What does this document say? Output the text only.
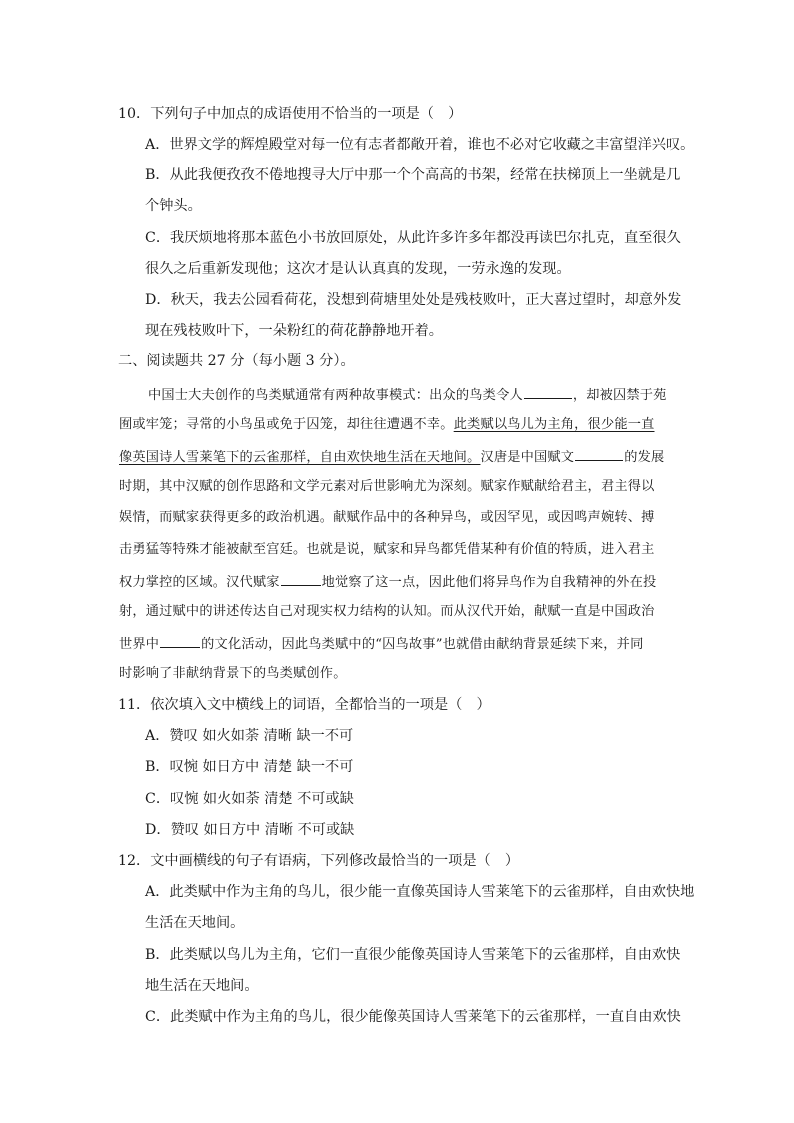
10．下列句子中加点的成语使用不恰当的一项是（　）
A．世界文学的辉煌殿堂对每一位有志者都敞开着，谁也不必对它收藏之丰富望洋兴叹。
B．从此我便孜孜不倦地搜寻大厅中那一个个高高的书架，经常在扶梯顶上一坐就是几
个钟头。
C．我厌烦地将那本蓝色小书放回原处，从此许多许多年都没再读巴尔扎克，直至很久
很久之后重新发现他；这次才是认认真真的发现，一劳永逸的发现。
D．秋天，我去公园看荷花，没想到荷塘里处处是残枝败叶，正大喜过望时，却意外发
现在残枝败叶下，一朵粉红的荷花静静地开着。
二、阅读题共 27 分（每小题 3 分）。
中国士大夫创作的鸟类赋通常有两种故事模式：出众的鸟类令人	，却被囚禁于苑
囿或牢笼；寻常的小鸟虽或免于囚笼，却往往遭遇不幸。此类赋以鸟儿为主角，很少能一直
像英国诗人雪莱笔下的云雀那样，自由欢快地生活在天地间。汉唐是中国赋文	的发展
时期，其中汉赋的创作思路和文学元素对后世影响尤为深刻。赋家作赋献给君主，君主得以
娱情，而赋家获得更多的政治机遇。献赋作品中的各种异鸟，或因罕见，或因鸣声婉转、搏
击勇猛等特殊才能被献至宫廷。也就是说，赋家和异鸟都凭借某种有价值的特质，进入君主
权力掌控的区域。汉代赋家	地觉察了这一点，因此他们将异鸟作为自我精神的外在投
射，通过赋中的讲述传达自己对现实权力结构的认知。而从汉代开始，献赋一直是中国政治
世界中	的文化活动，因此鸟类赋中的“囚鸟故事”也就借由献纳背景延续下来，并同
时影响了非献纳背景下的鸟类赋创作。
11．依次填入文中横线上的词语，全都恰当的一项是（　）
A．赞叹 如火如荼 清晰 缺一不可
B．叹惋 如日方中 清楚 缺一不可
C．叹惋 如火如荼 清楚 不可或缺
D．赞叹 如日方中 清晰 不可或缺
12．文中画横线的句子有语病，下列修改最恰当的一项是（　）
A．此类赋中作为主角的鸟儿，很少能一直像英国诗人雪莱笔下的云雀那样，自由欢快地
生活在天地间。
B．此类赋以鸟儿为主角，它们一直很少能像英国诗人雪莱笔下的云雀那样，自由欢快
地生活在天地间。
C．此类赋中作为主角的鸟儿，很少能像英国诗人雪莱笔下的云雀那样，一直自由欢快
